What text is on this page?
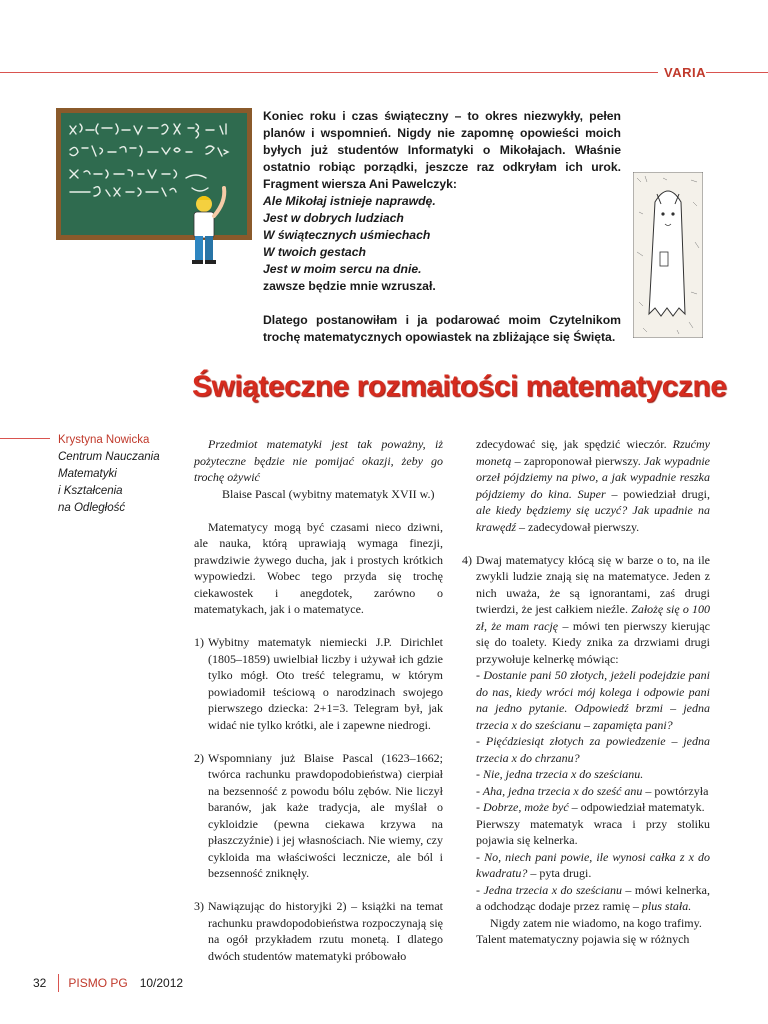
VARIA

Koniec roku i czas świąteczny – to okres niezwykły, pełen planów i wspomnień. Nigdy nie zapomnę opowieści moich byłych już studentów Informatyki o Mikołajach. Właśnie ostatnio robiąc porządki, jeszcze raz odkryłam ich urok. Fragment wiersza Ani Pawelczyk:

Ale Mikołaj istnieje naprawdę.
Jest w dobrych ludziach
W świątecznych uśmiechach
W twoich gestach
Jest w moim sercu na dnie.
zawsze będzie mnie wzruszał.

Dlatego postanowiłam i ja podarować moim Czytelnikom trochę matematycznych opowiastek na zbliżające się Święta.

Świąteczne rozmaitości matematyczne
Krystyna Nowicka
Centrum Nauczania
Matematyki
i Kształcenia
na Odległość

Przedmiot matematyki jest tak poważny, iż pożyteczne będzie nie pomijać okazji, żeby go trochę ożywić

Blaise Pascal (wybitny matematyk XVII w.)

Matematycy mogą być czasami nieco dziwni, ale nauka, którą uprawiają wymaga finezji, prawdziwie żywego ducha, jak i prostych krótkich wypowiedzi. Wobec tego przyda się trochę ciekawostek i anegdotek, zarówno o matematykach, jak i o matematyce.

1) Wybitny matematyk niemiecki J.P. Dirichlet (1805–1859) uwielbiał liczby i używał ich gdzie tylko mógł. Oto treść telegramu, w którym powiadomił teściową o narodzinach swojego pierwszego dziecka: 2+1=3. Telegram był, jak widać nie tylko krótki, ale i zapewne niedrogi.
2) Wspomniany już Blaise Pascal (1623–1662; twórca rachunku prawdopodobieństwa) cierpiał na bezsenność z powodu bólu zębów. Nie liczył baranów, jak każe tradycja, ale myślał o cykloidzie (pewna ciekawa krzywa na płaszczyźnie) i jej własnościach. Nie wiemy, czy cykloida ma właściwości lecznicze, ale ból i bezsenność zniknęły.
3) Nawiązując do historyjki 2) – książki na temat rachunku prawdopodobieństwa rozpoczynają się na ogół przykładem rzutu monetą. I dlatego dwóch studentów matematyki próbowało

zdecydować się, jak spędzić wieczór. Rzućmy monetą – zaproponował pierwszy. Jak wypadnie orzeł pójdziemy na piwo, a jak wypadnie reszka pójdziemy do kina. Super – powiedział drugi, ale kiedy będziemy się uczyć? Jak upadnie na krawędź – zadecydował pierwszy.

4) Dwaj matematycy kłócą się w barze o to, na ile zwykli ludzie znają się na matematyce. Jeden z nich uważa, że są ignorantami, zaś drugi twierdzi, że jest całkiem nieźle. Założę się o 100 zł, że mam rację – mówi ten pierwszy kierując się do toalety. Kiedy znika za drzwiami drugi przywołuje kelnerkę mówiąc:

- Dostanie pani 50 złotych, jeżeli podejdzie pani do nas, kiedy wróci mój kolega i odpowie pani na jedno pytanie. Odpowiedź brzmi – jedna trzecia x do sześcianu – zapamięta pani?

- Pięćdziesiąt złotych za powiedzenie – jedna trzecia x do chrzanu?

- Nie, jedna trzecia x do sześcianu.

- Aha, jedna trzecia x do sześć anu – powtórzyła

- Dobrze, może być – odpowiedział matematyk.

Pierwszy matematyk wraca i przy stoliku pojawia się kelnerka.

- No, niech pani powie, ile wynosi całka z x do kwadratu? – pyta drugi.

- Jedna trzecia x do sześcianu – mówi kelnerka, a odchodząc dodaje przez ramię – plus stała.

Nigdy zatem nie wiadomo, na kogo trafimy.

Talent matematyczny pojawia się w różnych

32 PISMO PG 10/2012
